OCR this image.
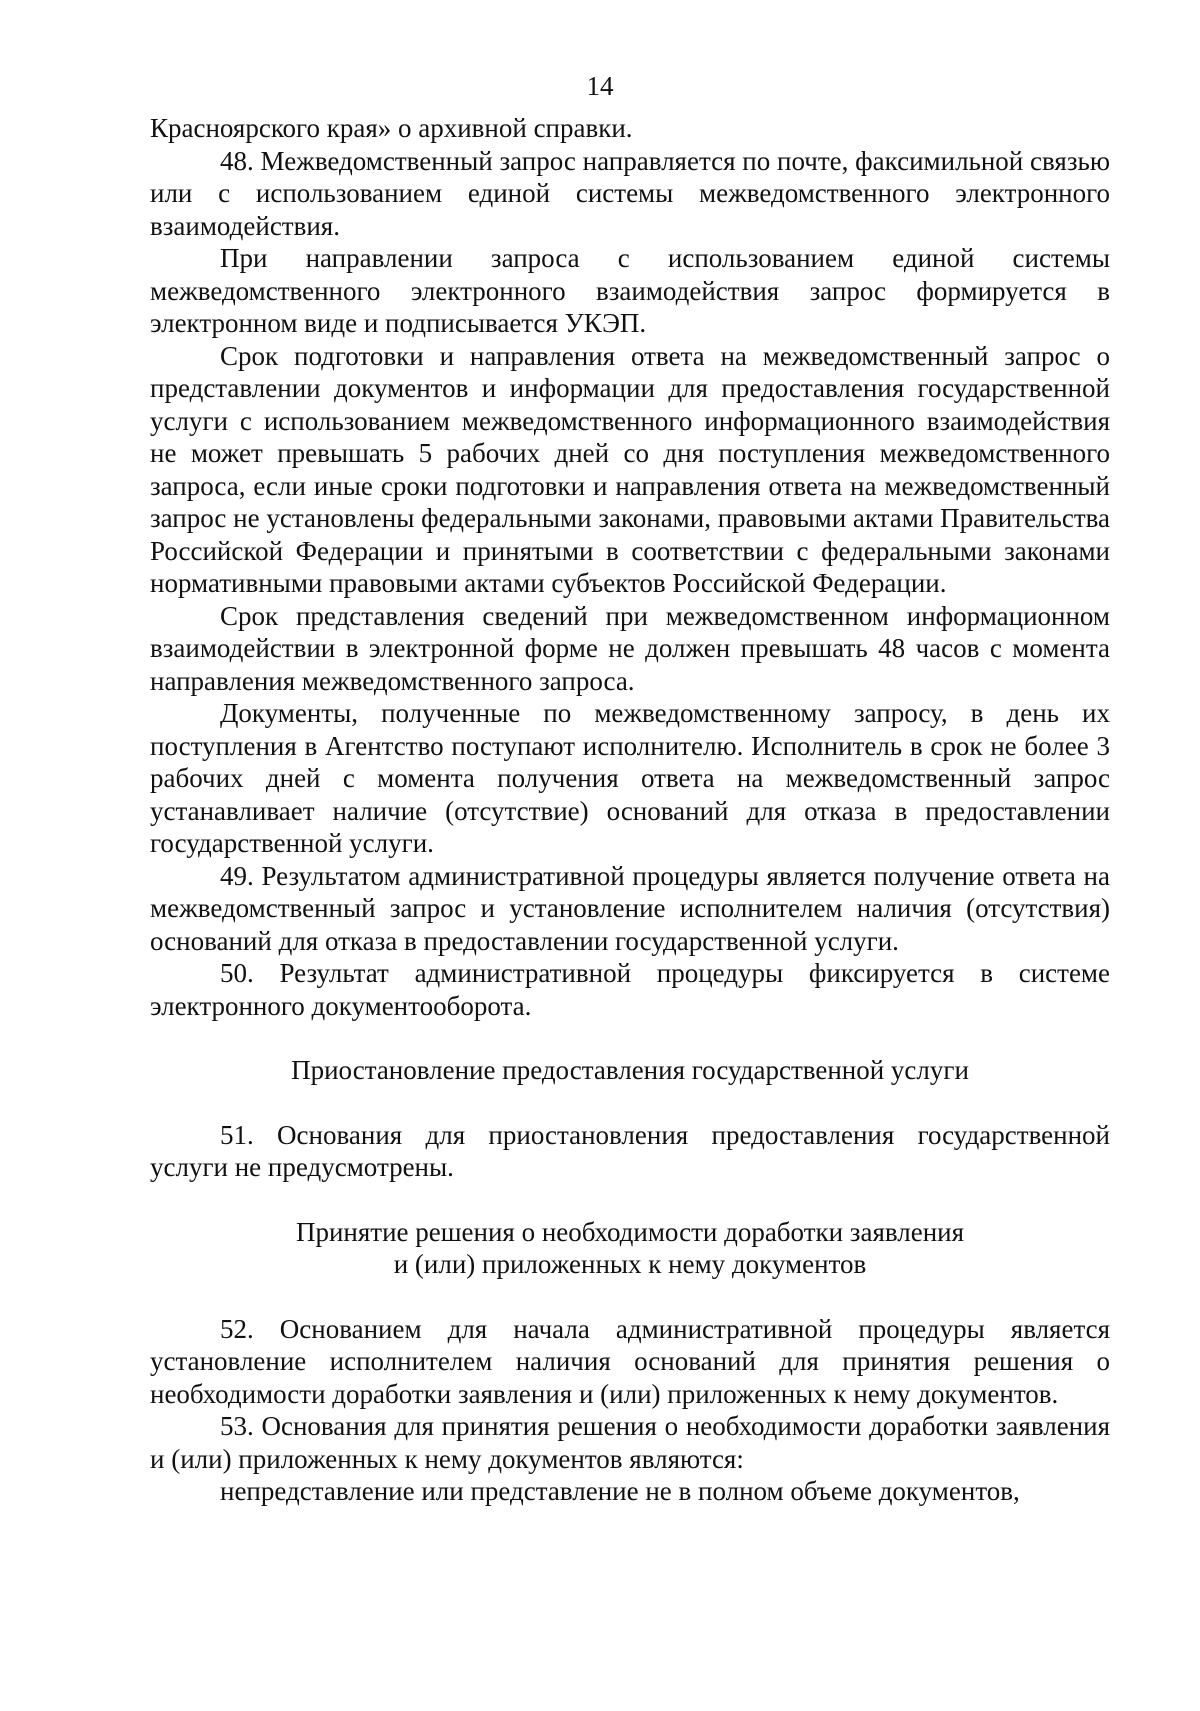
14

Красноярского края» о архивной справки.

48. Межведомственный запрос направляется по почте, факсимильной связью или с использованием единой системы межведомственного электронного взаимодействия.

При направлении запроса с использованием единой системы межведомственного электронного взаимодействия запрос формируется в электронном виде и подписывается УКЭП.

Срок подготовки и направления ответа на межведомственный запрос о представлении документов и информации для предоставления государственной услуги с использованием межведомственного информационного взаимодействия не может превышать 5 рабочих дней со дня поступления межведомственного запроса, если иные сроки подготовки и направления ответа на межведомственный запрос не установлены федеральными законами, правовыми актами Правительства Российской Федерации и принятыми в соответствии с федеральными законами нормативными правовыми актами субъектов Российской Федерации.

Срок представления сведений при межведомственном информационном взаимодействии в электронной форме не должен превышать 48 часов с момента направления межведомственного запроса.

Документы, полученные по межведомственному запросу, в день их поступления в Агентство поступают исполнителю. Исполнитель в срок не более 3 рабочих дней с момента получения ответа на межведомственный запрос устанавливает наличие (отсутствие) оснований для отказа в предоставлении государственной услуги.

49. Результатом административной процедуры является получение ответа на межведомственный запрос и установление исполнителем наличия (отсутствия) оснований для отказа в предоставлении государственной услуги.

50. Результат административной процедуры фиксируется в системе электронного документооборота.

Приостановление предоставления государственной услуги

51. Основания для приостановления предоставления государственной услуги не предусмотрены.

Принятие решения о необходимости доработки заявления
и (или) приложенных к нему документов

52. Основанием для начала административной процедуры является установление исполнителем наличия оснований для принятия решения о необходимости доработки заявления и (или) приложенных к нему документов.

53. Основания для принятия решения о необходимости доработки заявления и (или) приложенных к нему документов являются:

непредставление или представление не в полном объеме документов,
